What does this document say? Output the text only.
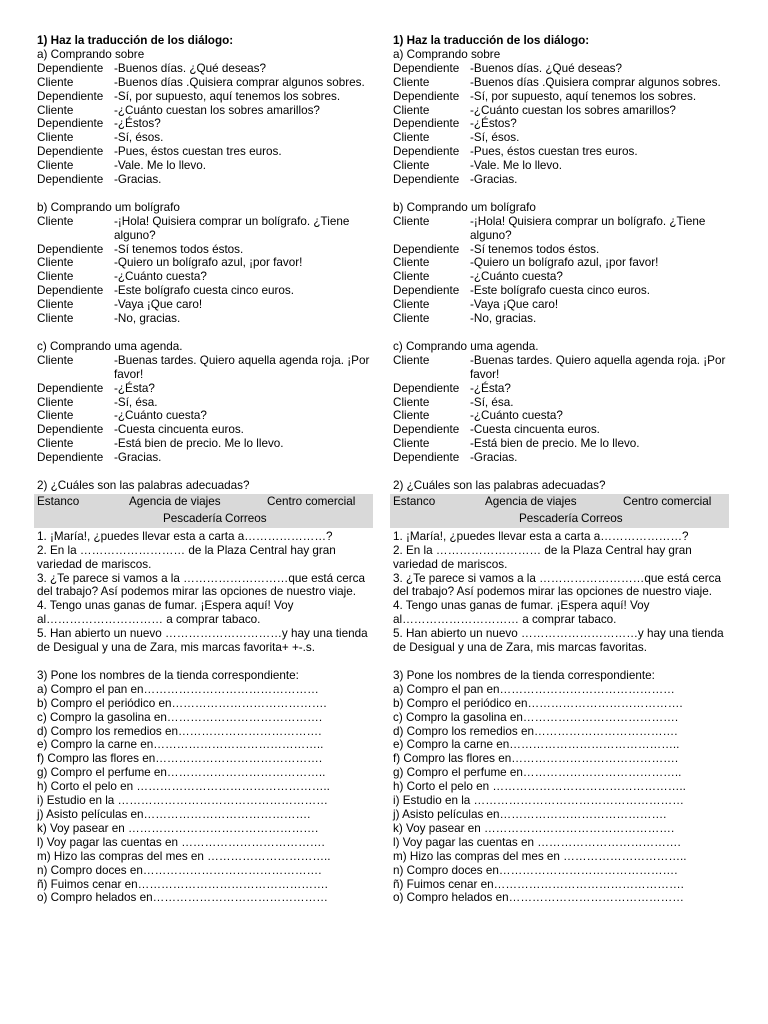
1) Haz la traducción de los diálogo:
a) Comprando sobre
Dependiente -Buenos días. ¿Qué deseas?
Cliente	-Buenos días .Quisiera comprar algunos sobres.
Dependiente -Sí, por supuesto, aquí tenemos los sobres.
Cliente	-¿Cuánto cuestan los sobres amarillos?
Dependiente -¿Éstos?
Cliente	-Sí, ésos.
Dependiente -Pues, éstos cuestan tres euros.
Cliente	-Vale. Me lo llevo.
Dependiente -Gracias.
b) Comprando um bolígrafo
Cliente	-¡Hola! Quisiera comprar un bolígrafo. ¿Tiene alguno?
Dependiente -Sí tenemos todos éstos.
Cliente	-Quiero un bolígrafo azul, ¡por favor!
Cliente	-¿Cuánto cuesta?
Dependiente -Este bolígrafo cuesta cinco euros.
Cliente	-Vaya ¡Que caro!
Cliente	-No, gracias.
c) Comprando uma agenda.
Cliente	-Buenas tardes. Quiero aquella agenda roja. ¡Por favor!
Dependiente -¿Ésta?
Cliente	-Sí, ésa.
Cliente	-¿Cuánto cuesta?
Dependiente -Cuesta cincuenta euros.
Cliente	-Está bien de precio. Me lo llevo.
Dependiente -Gracias.
2) ¿Cuáles son las palabras adecuadas?
Estanco	Agencia de viajes	Centro comercial
Pescadería Correos
1. ¡María!, ¿puedes llevar esta a carta a…………………?
2. En la ……………………… de la Plaza Central hay gran variedad de mariscos.
3. ¿Te parece si vamos a la ………………………que está cerca del trabajo? Así podemos mirar las opciones de nuestro viaje.
4. Tengo unas ganas de fumar. ¡Espera aquí! Voy al………………………… a comprar tabaco.
5. Han abierto un nuevo …………………………y hay una tienda de Desigual y una de Zara, mis marcas favorita+ +-.s.
3) Pone los nombres de la tienda correspondiente:
a) Compro el pan en………………………………………
b) Compro el periódico en………………………………….
c) Compro la gasolina en………………………………….
d) Compro los remedios en……………………………….
e) Compro la carne en……………………………………..
f) Compro las flores en…………………………………….
g) Compro el perfume en…………………………………..
h) Corto el pelo en …………………………………………..
i) Estudio en la ………………………………………………
j) Asisto películas en…………………………………….
k) Voy pasear en ………………………………………….
l) Voy pagar las cuentas en ……………………………….
m) Hizo las compras del mes en …………………………..
n) Compro doces en……………………………………….
ñ) Fuimos cenar en………………………………………….
o) Compro helados en………………………………………
1) Haz la traducción de los diálogo:
a) Comprando sobre
Dependiente -Buenos días. ¿Qué deseas?
Cliente	-Buenos días .Quisiera comprar algunos sobres.
Dependiente -Sí, por supuesto, aquí tenemos los sobres.
Cliente	-¿Cuánto cuestan los sobres amarillos?
Dependiente -¿Éstos?
Cliente	-Sí, ésos.
Dependiente -Pues, éstos cuestan tres euros.
Cliente	-Vale. Me lo llevo.
Dependiente -Gracias.
b) Comprando um bolígrafo
Cliente	-¡Hola! Quisiera comprar un bolígrafo. ¿Tiene alguno?
Dependiente -Sí tenemos todos éstos.
Cliente	-Quiero un bolígrafo azul, ¡por favor!
Cliente	-¿Cuánto cuesta?
Dependiente -Este bolígrafo cuesta cinco euros.
Cliente	-Vaya ¡Que caro!
Cliente	-No, gracias.
c) Comprando uma agenda.
Cliente	-Buenas tardes. Quiero aquella agenda roja. ¡Por favor!
Dependiente -¿Ésta?
Cliente	-Sí, ésa.
Cliente	-¿Cuánto cuesta?
Dependiente -Cuesta cincuenta euros.
Cliente	-Está bien de precio. Me lo llevo.
Dependiente -Gracias.
2) ¿Cuáles son las palabras adecuadas?
Estanco	Agencia de viajes	Centro comercial
Pescadería Correos
1. ¡María!, ¿puedes llevar esta a carta a…………………?
2. En la ……………………… de la Plaza Central hay gran variedad de mariscos.
3. ¿Te parece si vamos a la ………………………que está cerca del trabajo? Así podemos mirar las opciones de nuestro viaje.
4. Tengo unas ganas de fumar. ¡Espera aquí! Voy al………………………… a comprar tabaco.
5. Han abierto un nuevo …………………………y hay una tienda de Desigual y una de Zara, mis marcas favoritas.
3) Pone los nombres de la tienda correspondiente:
a) Compro el pan en………………………………………
b) Compro el periódico en………………………………….
c) Compro la gasolina en………………………………….
d) Compro los remedios en……………………………….
e) Compro la carne en……………………………………..
f) Compro las flores en…………………………………….
g) Compro el perfume en…………………………………..
h) Corto el pelo en …………………………………………..
i) Estudio en la ………………………………………………
j) Asisto películas en…………………………………….
k) Voy pasear en ………………………………………….
l) Voy pagar las cuentas en ……………………………….
m) Hizo las compras del mes en …………………………..
n) Compro doces en……………………………………….
ñ) Fuimos cenar en………………………………………….
o) Compro helados en………………………………………
